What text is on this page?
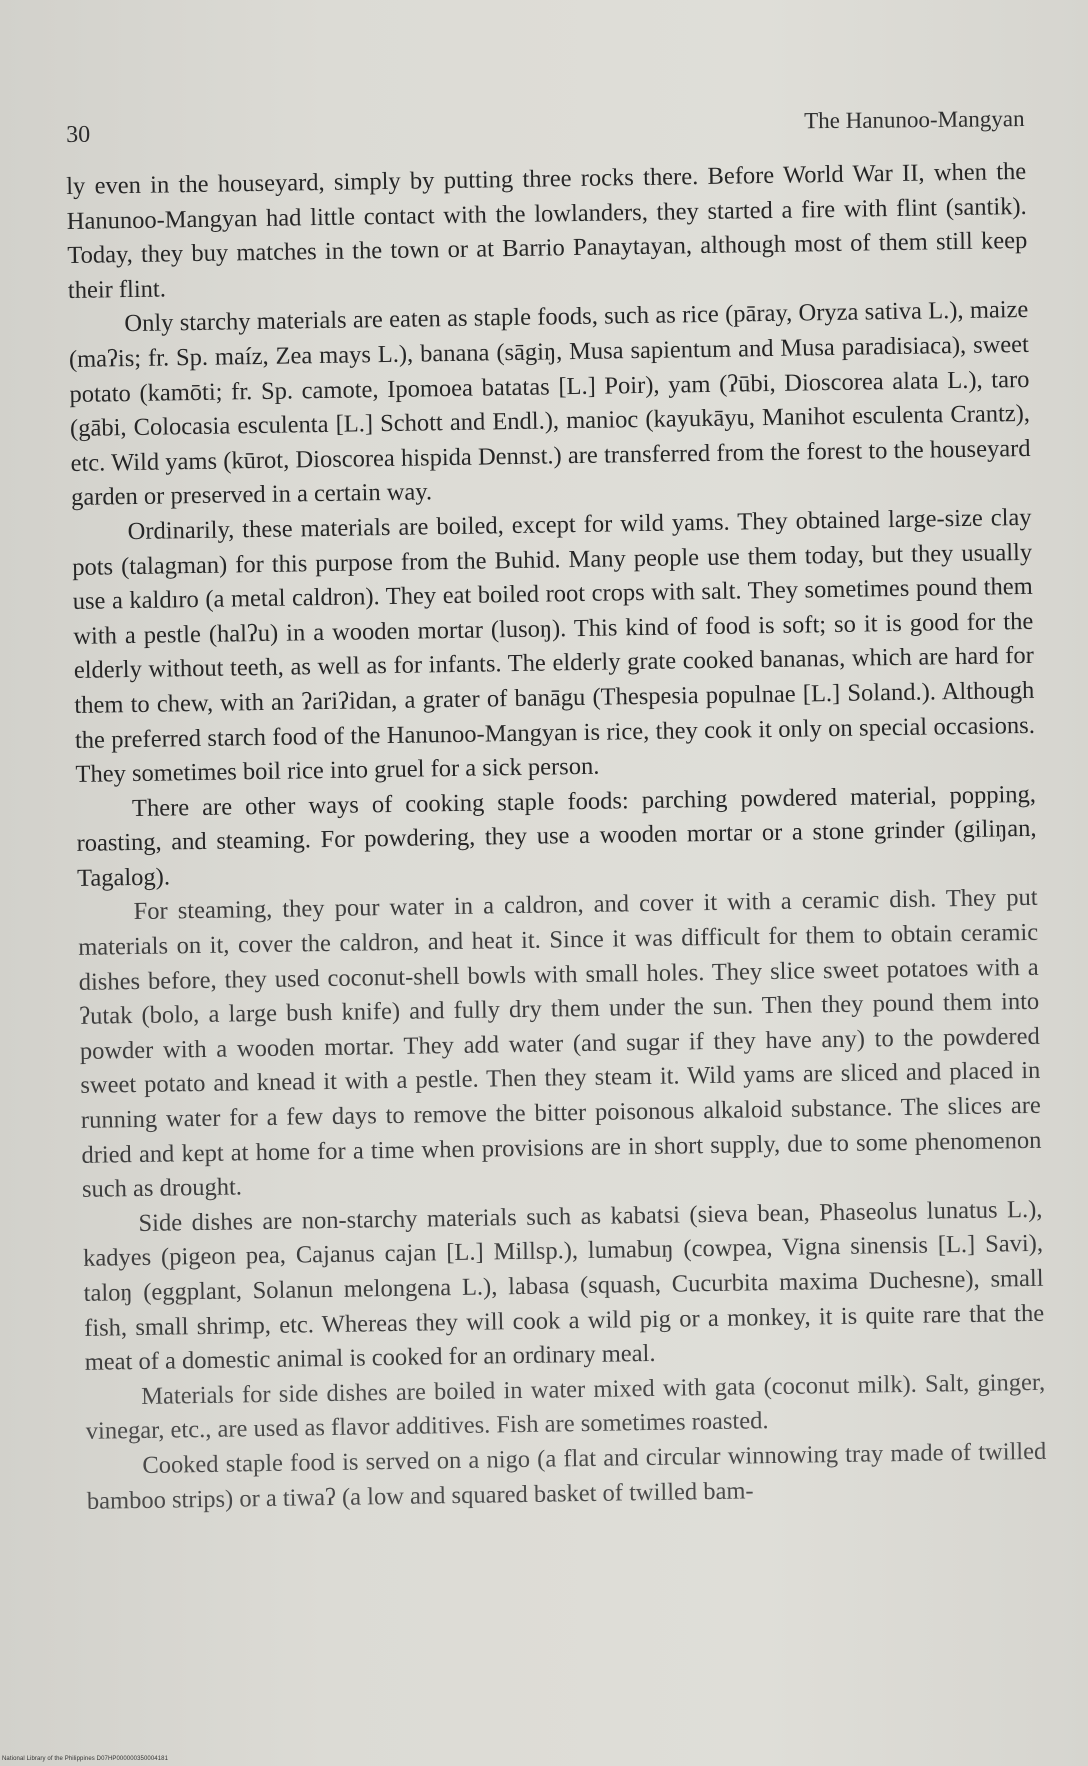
30
The Hanunoo-Mangyan

ly even in the houseyard, simply by putting three rocks there. Before World War II, when the Hanunoo-Mangyan had little contact with the lowlanders, they started a fire with flint (santik). Today, they buy matches in the town or at Barrio Panaytayan, although most of them still keep their flint.

Only starchy materials are eaten as staple foods, such as rice (pāray, Oryza sativa L.), maize (maʔis; fr. Sp. maíz, Zea mays L.), banana (sāgiŋ, Musa sapientum and Musa paradisiaca), sweet potato (kamōti; fr. Sp. camote, Ipomoea batatas [L.] Poir), yam (ʔūbi, Dioscorea alata L.), taro (gābi, Colocasia esculenta [L.] Schott and Endl.), manioc (kayukāyu, Manihot esculenta Crantz), etc. Wild yams (kūrot, Dioscorea hispida Dennst.) are transferred from the forest to the houseyard garden or preserved in a certain way.

Ordinarily, these materials are boiled, except for wild yams. They obtained large-size clay pots (talagman) for this purpose from the Buhid. Many people use them today, but they usually use a kaldıro (a metal caldron). They eat boiled root crops with salt. They sometimes pound them with a pestle (halʔu) in a wooden mortar (lusoŋ). This kind of food is soft; so it is good for the elderly without teeth, as well as for infants. The elderly grate cooked bananas, which are hard for them to chew, with an ʔariʔidan, a grater of banāgu (Thespesia populnae [L.] Soland.). Although the preferred starch food of the Hanunoo-Mangyan is rice, they cook it only on special occasions. They sometimes boil rice into gruel for a sick person.

There are other ways of cooking staple foods: parching powdered material, popping, roasting, and steaming. For powdering, they use a wooden mortar or a stone grinder (giliŋan, Tagalog).

For steaming, they pour water in a caldron, and cover it with a ceramic dish. They put materials on it, cover the caldron, and heat it. Since it was difficult for them to obtain ceramic dishes before, they used coconut-shell bowls with small holes. They slice sweet potatoes with a ʔutak (bolo, a large bush knife) and fully dry them under the sun. Then they pound them into powder with a wooden mortar. They add water (and sugar if they have any) to the powdered sweet potato and knead it with a pestle. Then they steam it. Wild yams are sliced and placed in running water for a few days to remove the bitter poisonous alkaloid substance. The slices are dried and kept at home for a time when provisions are in short supply, due to some phenomenon such as drought.

Side dishes are non-starchy materials such as kabatsi (sieva bean, Phaseolus lunatus L.), kadyes (pigeon pea, Cajanus cajan [L.] Millsp.), lumabuŋ (cowpea, Vigna sinensis [L.] Savi), taloŋ (eggplant, Solanun melongena L.), labasa (squash, Cucurbita maxima Duchesne), small fish, small shrimp, etc. Whereas they will cook a wild pig or a monkey, it is quite rare that the meat of a domestic animal is cooked for an ordinary meal.

Materials for side dishes are boiled in water mixed with gata (coconut milk). Salt, ginger, vinegar, etc., are used as flavor additives. Fish are sometimes roasted.

Cooked staple food is served on a nigo (a flat and circular winnowing tray made of twilled bamboo strips) or a tiwaʔ (a low and squared basket of twilled bam-

National Library of the Philippines D07HP000000350004181
